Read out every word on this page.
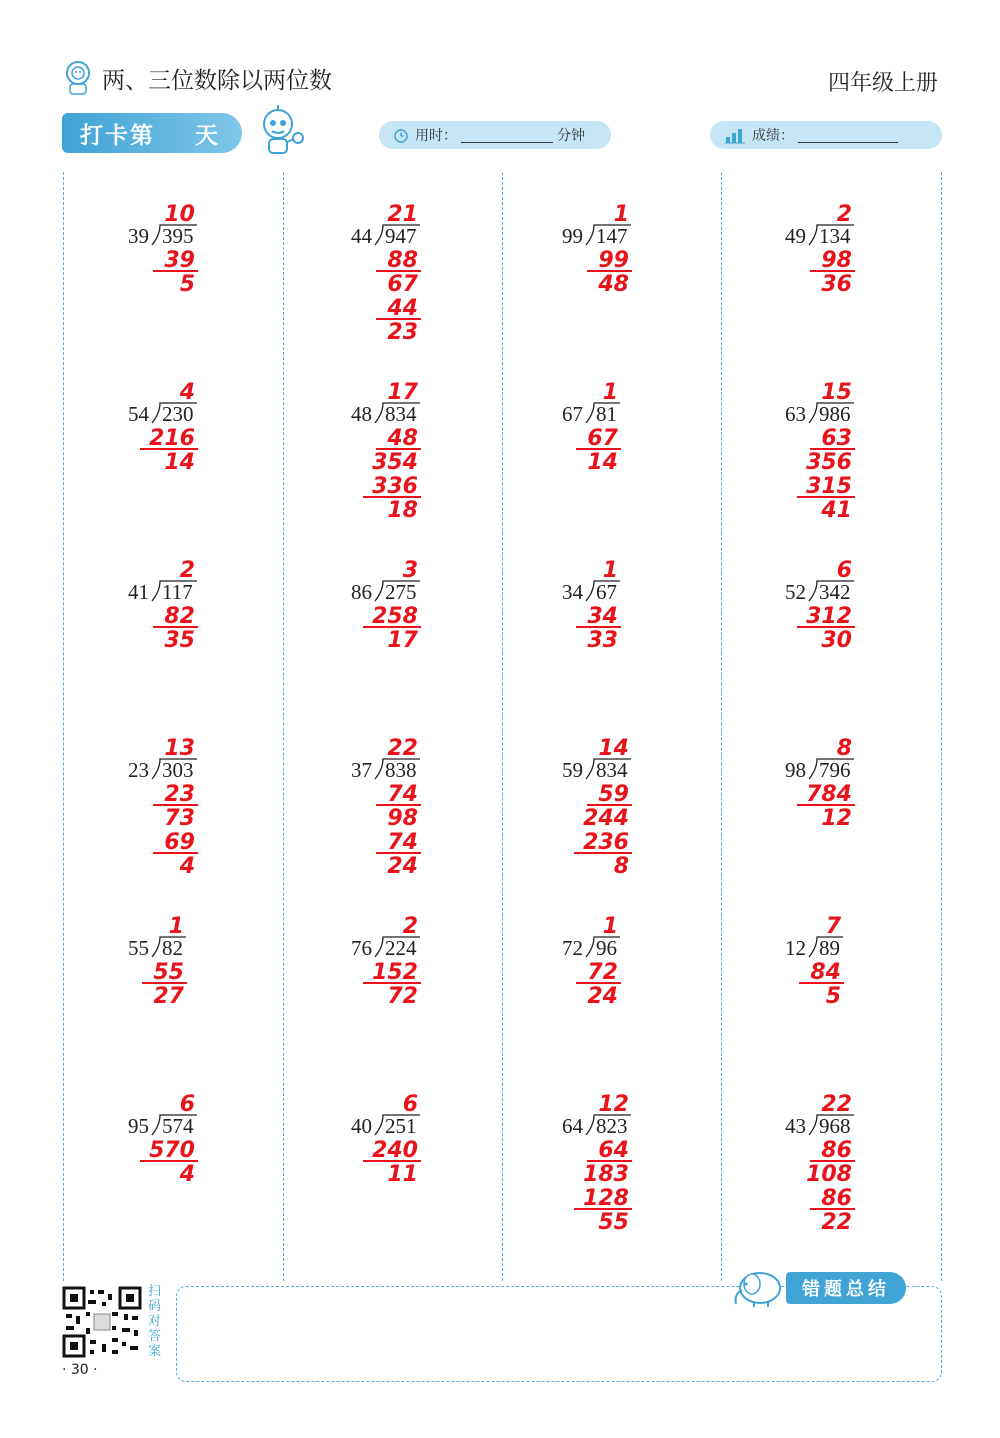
两、三位数除以两位数	四年级上册
打卡第 天	用时：	分钟	成绩：
39 395
10
39
5
44 947
21
88
67
44
23
99 147
1
99
48
49 134
2
98
36
54 230
4
216
14
48 834
17
48
354
336
18
67 81
1
67
14
63 986
15
63
356
315
41
41 117
2
82
35
86 275
3
258
17
34 67
1
34
33
52 342
6
312
30
23 303
13
23
73
69
4
37 838
22
74
98
74
24
59 834
14
59
244
236
8
98 796
8
784
12
55 82
1
55
27
76 224
2
152
72
72 96
1
72
24
12 89
7
84
5
95 574
6
570
4
40 251
6
240
11
64 823
12
64
183
128
55
43 968
22
86
108
86
22
扫码对答案
· 30 ·
错题总结
